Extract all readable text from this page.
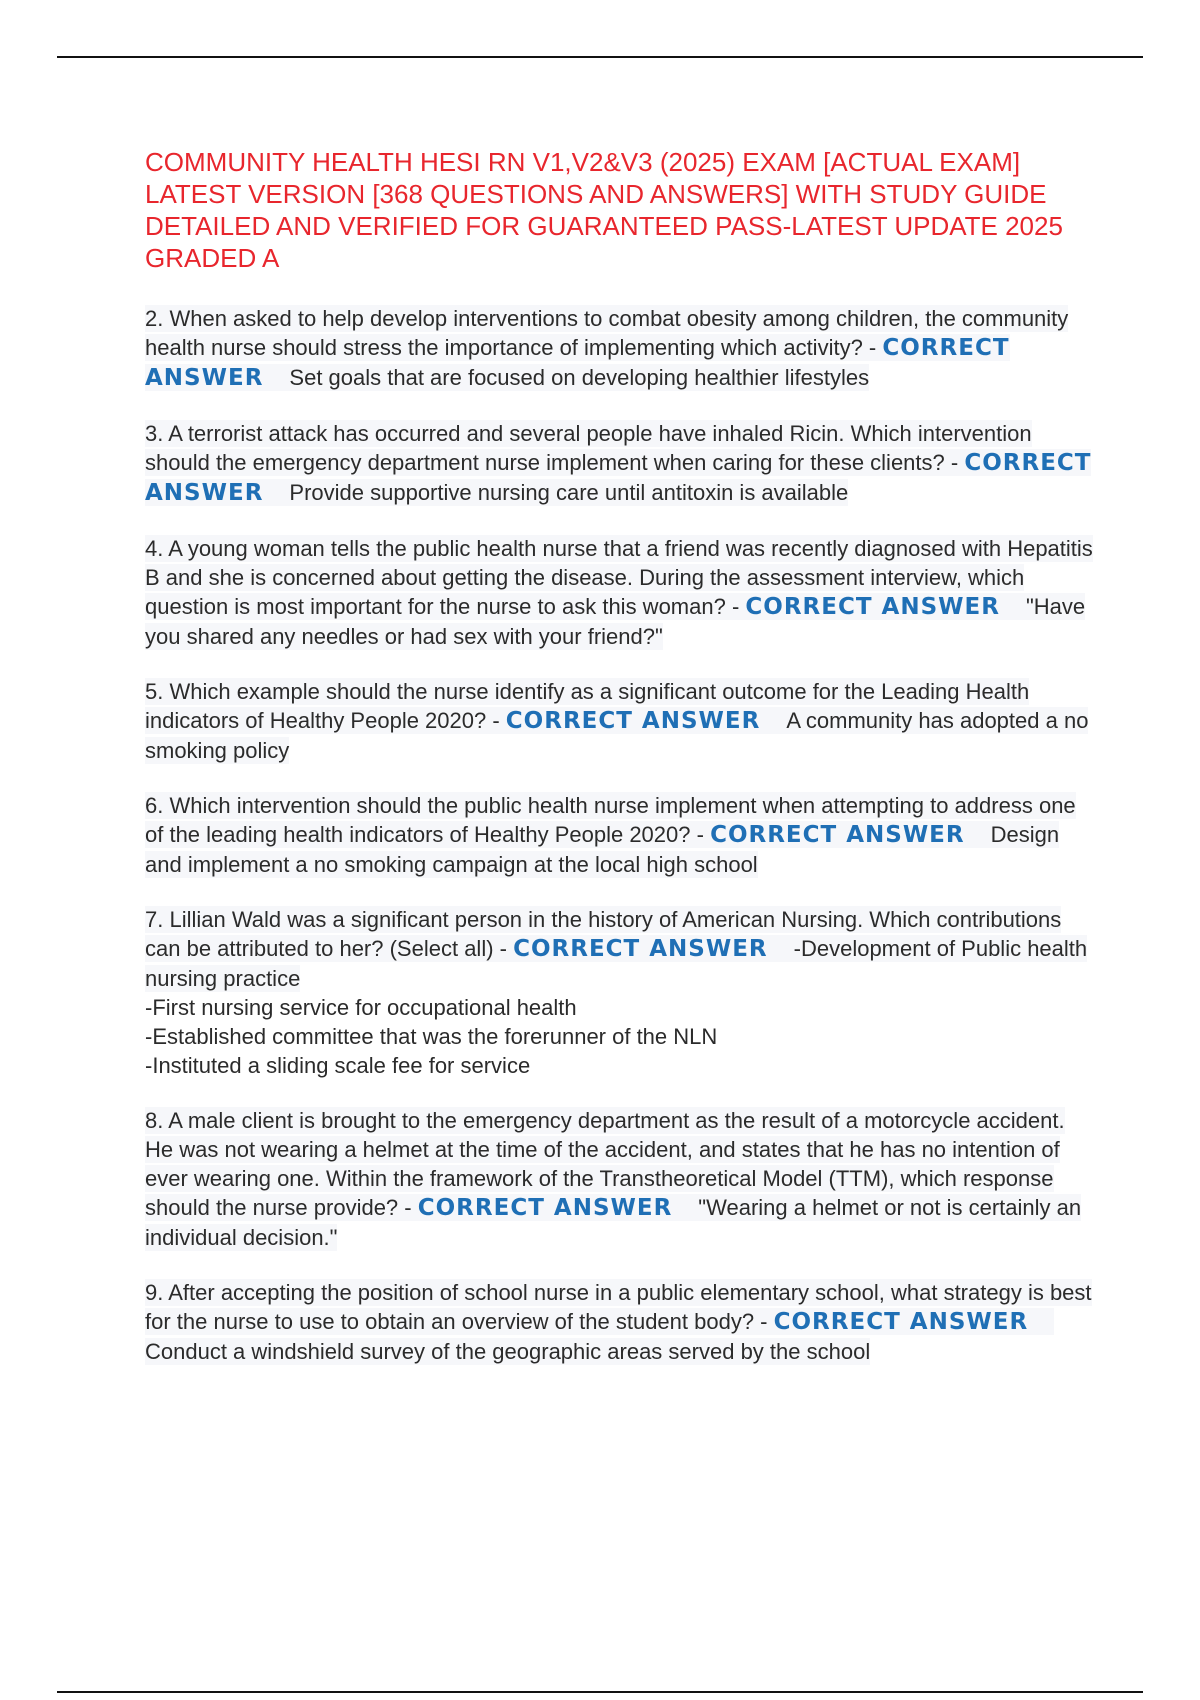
COMMUNITY HEALTH HESI RN V1,V2&V3 (2025) EXAM [ACTUAL EXAM] LATEST VERSION [368 QUESTIONS AND ANSWERS] WITH STUDY GUIDE DETAILED AND VERIFIED FOR GUARANTEED PASS-LATEST UPDATE 2025 GRADED A

2. When asked to help develop interventions to combat obesity among children, the community health nurse should stress the importance of implementing which activity? - CORRECT ANSWER Set goals that are focused on developing healthier lifestyles

3. A terrorist attack has occurred and several people have inhaled Ricin. Which intervention should the emergency department nurse implement when caring for these clients? - CORRECT ANSWER Provide supportive nursing care until antitoxin is available

4. A young woman tells the public health nurse that a friend was recently diagnosed with Hepatitis B and she is concerned about getting the disease. During the assessment interview, which question is most important for the nurse to ask this woman? - CORRECT ANSWER "Have you shared any needles or had sex with your friend?"

5. Which example should the nurse identify as a significant outcome for the Leading Health indicators of Healthy People 2020? - CORRECT ANSWER A community has adopted a no smoking policy

6. Which intervention should the public health nurse implement when attempting to address one of the leading health indicators of Healthy People 2020? - CORRECT ANSWER Design and implement a no smoking campaign at the local high school

7. Lillian Wald was a significant person in the history of American Nursing. Which contributions can be attributed to her? (Select all) - CORRECT ANSWER -Development of Public health nursing practice
-First nursing service for occupational health
-Established committee that was the forerunner of the NLN
-Instituted a sliding scale fee for service

8. A male client is brought to the emergency department as the result of a motorcycle accident. He was not wearing a helmet at the time of the accident, and states that he has no intention of ever wearing one. Within the framework of the Transtheoretical Model (TTM), which response should the nurse provide? - CORRECT ANSWER "Wearing a helmet or not is certainly an individual decision."

9. After accepting the position of school nurse in a public elementary school, what strategy is best for the nurse to use to obtain an overview of the student body? - CORRECT ANSWERConduct a windshield survey of the geographic areas served by the school
